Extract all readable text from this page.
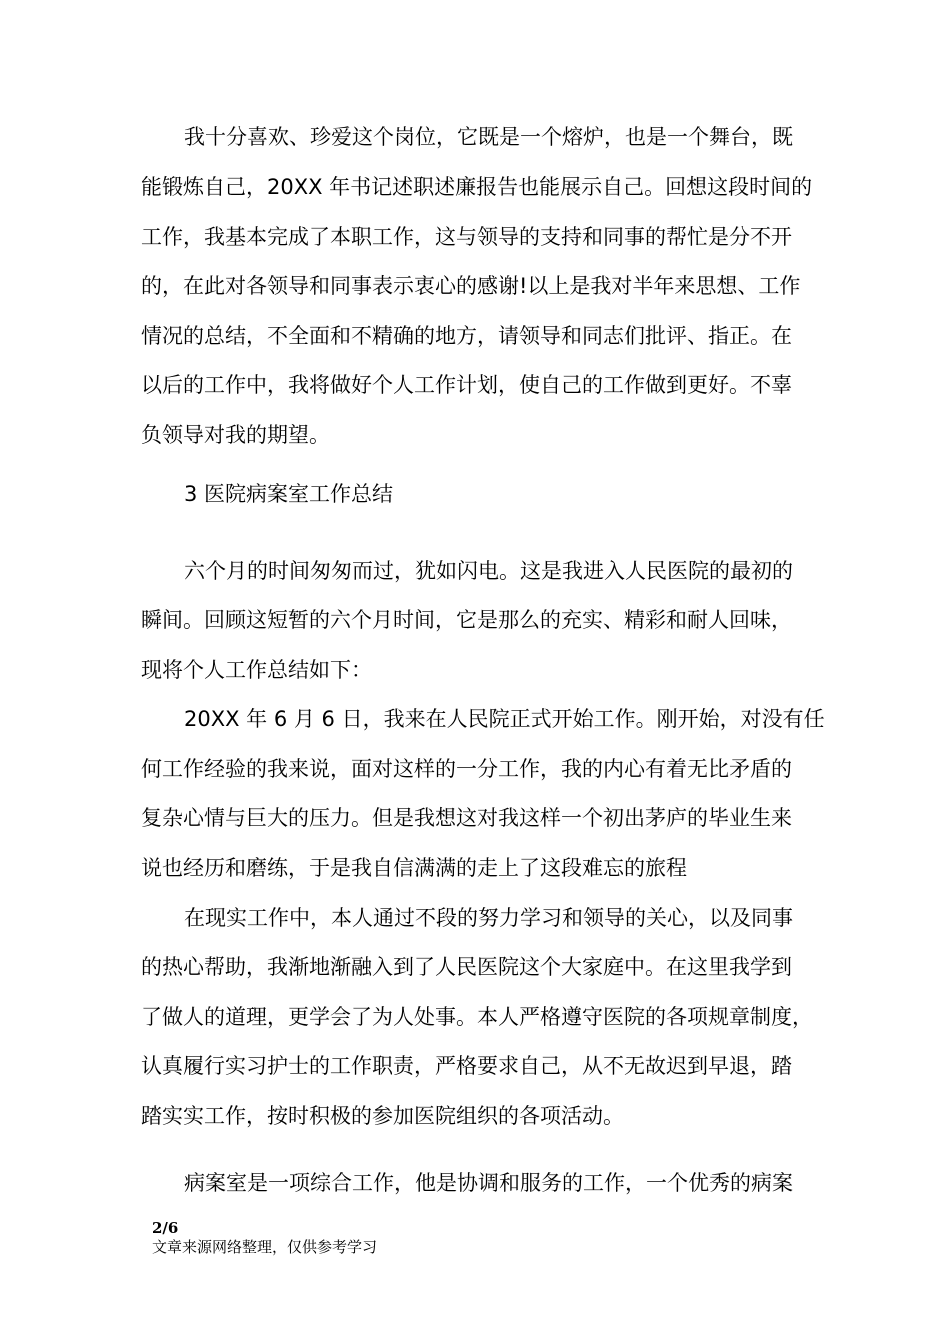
我十分喜欢、珍爱这个岗位，它既是一个熔炉，也是一个舞台，既
能锻炼自己，20XX 年书记述职述廉报告也能展示自己。回想这段时间的
工作，我基本完成了本职工作，这与领导的支持和同事的帮忙是分不开
的，在此对各领导和同事表示衷心的感谢!以上是我对半年来思想、工作
情况的总结，不全面和不精确的地方，请领导和同志们批评、指正。在
以后的工作中，我将做好个人工作计划，使自己的工作做到更好。不辜
负领导对我的期望。
3 医院病案室工作总结
六个月的时间匆匆而过，犹如闪电。这是我进入人民医院的最初的
瞬间。回顾这短暂的六个月时间，它是那么的充实、精彩和耐人回味，
现将个人工作总结如下：
20XX 年 6 月 6 日，我来在人民院正式开始工作。刚开始，对没有任
何工作经验的我来说，面对这样的一分工作，我的内心有着无比矛盾的
复杂心情与巨大的压力。但是我想这对我这样一个初出茅庐的毕业生来
说也经历和磨练，于是我自信满满的走上了这段难忘的旅程
在现实工作中，本人通过不段的努力学习和领导的关心，以及同事
的热心帮助，我渐地渐融入到了人民医院这个大家庭中。在这里我学到
了做人的道理，更学会了为人处事。本人严格遵守医院的各项规章制度，
认真履行实习护士的工作职责，严格要求自己，从不无故迟到早退，踏
踏实实工作，按时积极的参加医院组织的各项活动。
病案室是一项综合工作，他是协调和服务的工作，一个优秀的病案
2/6
文章来源网络整理，仅供参考学习
